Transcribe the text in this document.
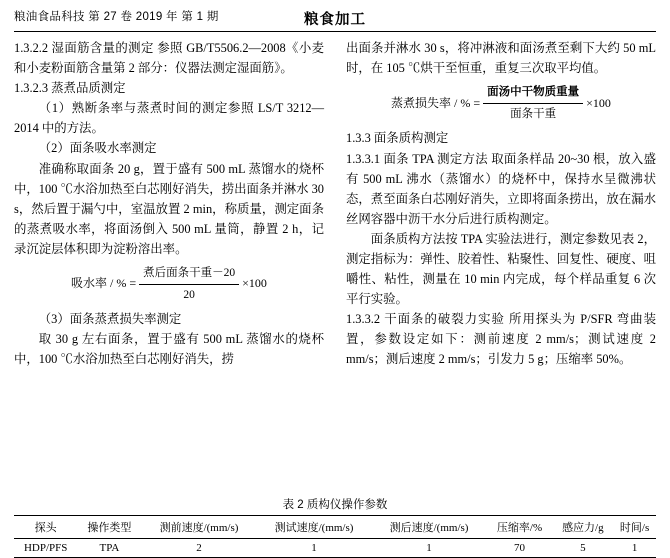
粮油食品科技 第 27 卷 2019 年 第 1 期	粮食加工

1.3.2.2 湿面筋含量的测定 参照 GB/T5506.2—2008《小麦和小麦粉面筋含量第 2 部分：仪器法测定湿面筋》。

1.3.2.3 蒸煮品质测定

（1）熟断条率与蒸煮时间的测定参照 LS/T 3212—2014 中的方法。

（2）面条吸水率测定

准确称取面条 20 g，置于盛有 500 mL 蒸馏水的烧杯中，100 ℃水浴加热至白芯刚好消失，捞出面条并淋水 30 s，然后置于漏勺中，室温放置 2 min，称质量，测定面条的蒸煮吸水率，将面汤倒入 500 mL 量筒，静置 2 h，记录沉淀层体积即为淀粉溶出率。

吸水率 / % = $\frac{\text{煮后面条干重－20}}{20} \times 100$

（3）面条蒸煮损失率测定

取 30 g 左右面条，置于盛有 500 mL 蒸馏水的烧杯中，100 ℃水浴加热至白芯刚好消失，捞

出面条并淋水 30 s，将冲淋液和面汤煮至剩下大约 50 mL 时，在 105 ℃烘干至恒重，重复三次取平均值。

蒸煮损失率 / % = $\frac{\text{面汤中干物质重量}}{\text{面条干重}} \times 100$

1.3.3 面条质构测定

1.3.3.1 面条 TPA 测定方法 取面条样品 20~30 根，放入盛有 500 mL 沸水（蒸馏水）的烧杯中，保持水呈微沸状态，煮至面条白芯刚好消失，立即将面条捞出，放在漏水丝网容器中沥干水分后进行质构测定。

面条质构方法按 TPA 实验法进行，测定参数见表 2，测定指标为：弹性、胶着性、粘聚性、回复性、硬度、咀嚼性、粘性，测量在 10 min 内完成，每个样品重复 6 次平行实验。

1.3.3.2 干面条的破裂力实验 所用探头为 P/SFR 弯曲装置，参数设定如下：测前速度 2 mm/s；测试速度 2 mm/s；测后速度 2 mm/s；引发力 5 g；压缩率 50%。

表 2 质构仪操作参数
探头	操作类型	测前速度/(mm/s)	测试速度/(mm/s)	测后速度/(mm/s)	压缩率/%	感应力/g	时间/s
HDP/PFS	TPA	2	1	1	70	5	1
